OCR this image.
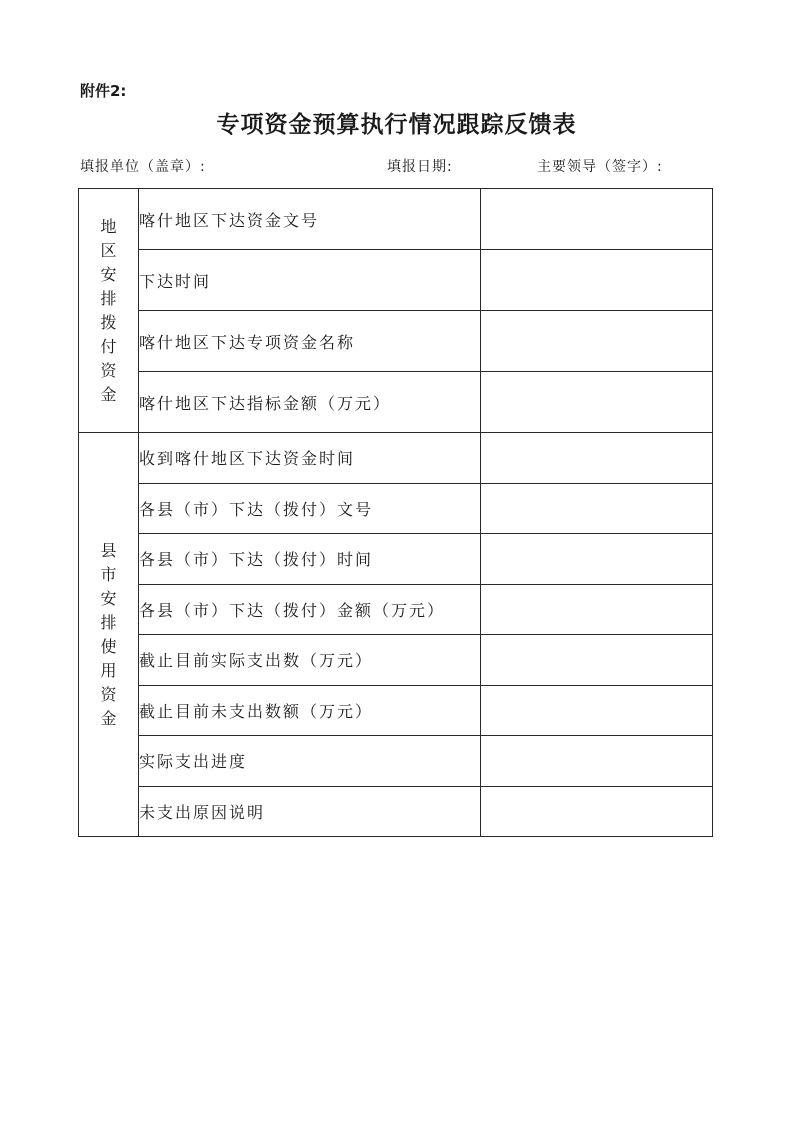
附件2:
专项资金预算执行情况跟踪反馈表
填报单位（盖章）:	填报日期:	主要领导（签字）:
地区安排拨付资金	喀什地区下达资金文号	
	下达时间	
	喀什地区下达专项资金名称	
	喀什地区下达指标金额（万元）	
县市安排使用资金	收到喀什地区下达资金时间	
	各县（市）下达（拨付）文号	
	各县（市）下达（拨付）时间	
	各县（市）下达（拨付）金额（万元）	
	截止目前实际支出数（万元）	
	截止目前未支出数额（万元）	
	实际支出进度	
	未支出原因说明	
